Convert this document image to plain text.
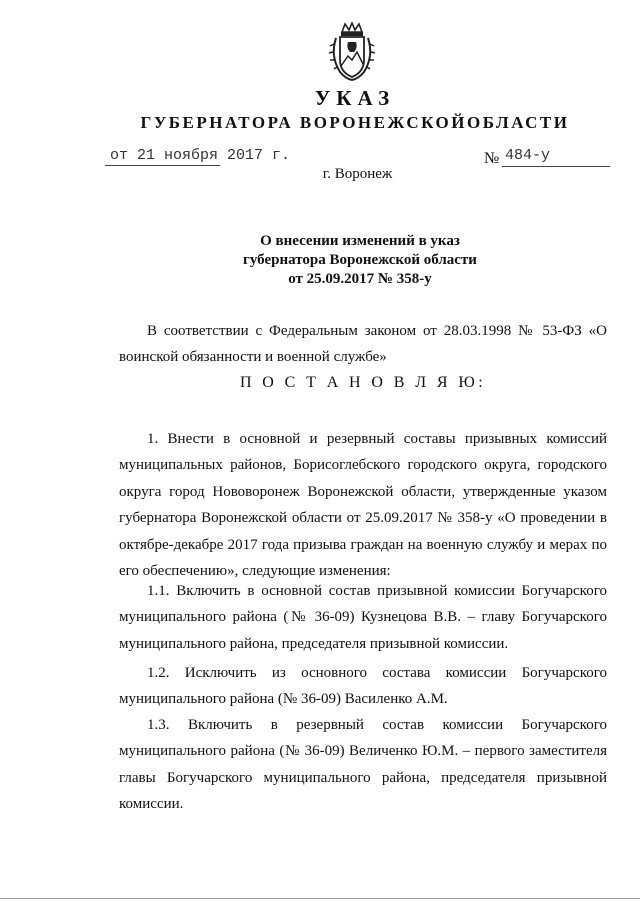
УКАЗ
ГУБЕРНАТОРА ВОРОНЕЖСКОЙОБЛАСТИ
от 21 ноября 2017 г.	№ 484-у
г. Воронеж
О внесении изменений в указ
губернатора Воронежской области
от 25.09.2017 № 358-у
В соответствии с Федеральным законом от 28.03.1998 № 53-ФЗ «О воинской обязанности и военной службе»
П О С Т А Н О В Л Я Ю:
1. Внести в основной и резервный составы призывных комиссий муниципальных районов, Борисоглебского городского округа, городского округа город Нововоронеж Воронежской области, утвержденные указом губернатора Воронежской области от 25.09.2017 № 358-у «О проведении в октябре-декабре 2017 года призыва граждан на военную службу и мерах по его обеспечению», следующие изменения:
1.1. Включить в основной состав призывной комиссии Богучарского муниципального района (№ 36-09) Кузнецова В.В. – главу Богучарского муниципального района, председателя призывной комиссии.
1.2. Исключить из основного состава комиссии Богучарского муниципального района (№ 36-09) Василенко А.М.
1.3. Включить в резервный состав комиссии Богучарского муниципального района (№ 36-09) Величенко Ю.М. – первого заместителя главы Богучарского муниципального района, председателя призывной комиссии.
